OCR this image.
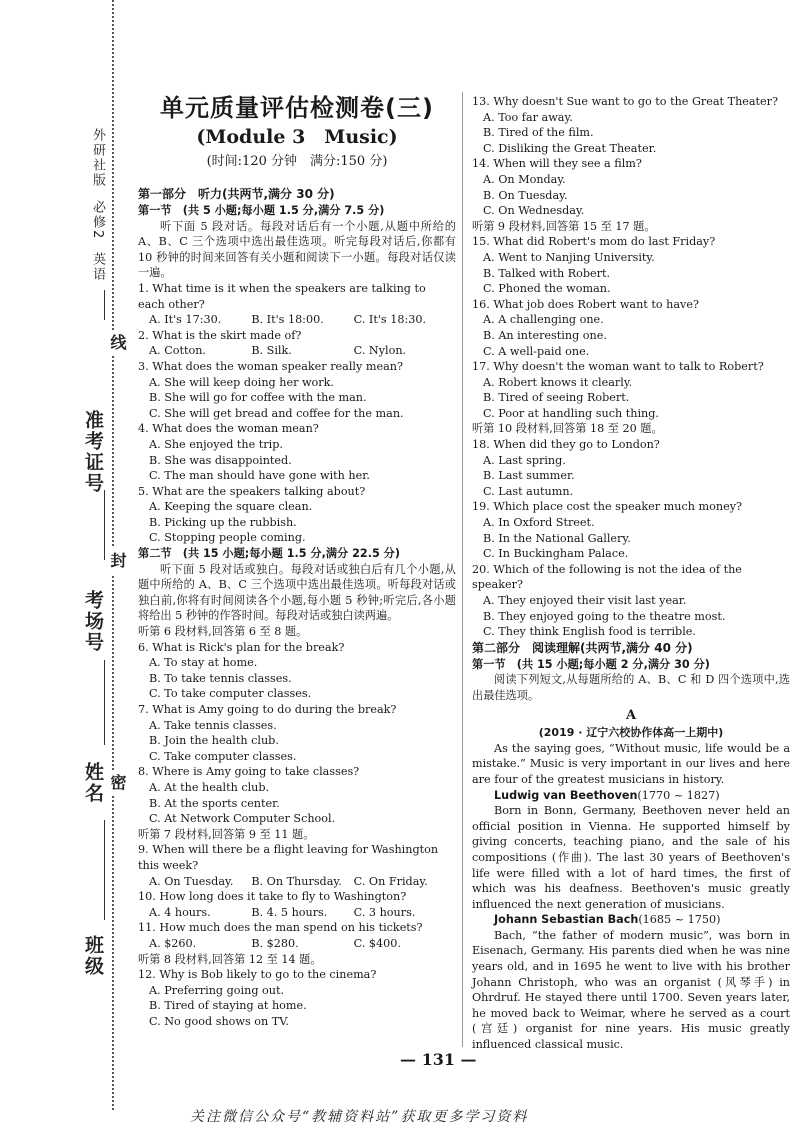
外研社版
必修2
英语
准考证号
考场号
姓名
班级
线
封
密
单元质量评估检测卷(三)
(Module 3　Music)
(时间:120 分钟　满分:150 分)
第一部分　听力(共两节,满分 30 分)
第一节　(共 5 小题;每小题 1.5 分,满分 7.5 分)
听下面 5 段对话。每段对话后有一个小题,从题中所给的 A、B、C 三个选项中选出最佳选项。听完每段对话后,你都有 10 秒钟的时间来回答有关小题和阅读下一小题。每段对话仅读一遍。
1. What time is it when the speakers are talking to each other?
A. It's 17:30.	B. It's 18:00.	C. It's 18:30.
2. What is the skirt made of?
A. Cotton.	B. Silk.	C. Nylon.
3. What does the woman speaker really mean?
A. She will keep doing her work.
B. She will go for coffee with the man.
C. She will get bread and coffee for the man.
4. What does the woman mean?
A. She enjoyed the trip.
B. She was disappointed.
C. The man should have gone with her.
5. What are the speakers talking about?
A. Keeping the square clean.
B. Picking up the rubbish.
C. Stopping people coming.
第二节　(共 15 小题;每小题 1.5 分,满分 22.5 分)
听下面 5 段对话或独白。每段对话或独白后有几个小题,从题中所给的 A、B、C 三个选项中选出最佳选项。听每段对话或独白前,你将有时间阅读各个小题,每小题 5 秒钟;听完后,各小题将给出 5 秒钟的作答时间。每段对话或独白读两遍。
听第 6 段材料,回答第 6 至 8 题。
6. What is Rick's plan for the break?
A. To stay at home.
B. To take tennis classes.
C. To take computer classes.
7. What is Amy going to do during the break?
A. Take tennis classes.
B. Join the health club.
C. Take computer classes.
8. Where is Amy going to take classes?
A. At the health club.
B. At the sports center.
C. At Network Computer School.
听第 7 段材料,回答第 9 至 11 题。
9. When will there be a flight leaving for Washington this week?
A. On Tuesday.	B. On Thursday.	C. On Friday.
10. How long does it take to fly to Washington?
A. 4 hours.	B. 4. 5 hours.	C. 3 hours.
11. How much does the man spend on his tickets?
A. $260.	B. $280.	C. $400.
听第 8 段材料,回答第 12 至 14 题。
12. Why is Bob likely to go to the cinema?
A. Preferring going out.
B. Tired of staying at home.
C. No good shows on TV.
13. Why doesn't Sue want to go to the Great Theater?
A. Too far away.
B. Tired of the film.
C. Disliking the Great Theater.
14. When will they see a film?
A. On Monday.
B. On Tuesday.
C. On Wednesday.
听第 9 段材料,回答第 15 至 17 题。
15. What did Robert's mom do last Friday?
A. Went to Nanjing University.
B. Talked with Robert.
C. Phoned the woman.
16. What job does Robert want to have?
A. A challenging one.
B. An interesting one.
C. A well-paid one.
17. Why doesn't the woman want to talk to Robert?
A. Robert knows it clearly.
B. Tired of seeing Robert.
C. Poor at handling such thing.
听第 10 段材料,回答第 18 至 20 题。
18. When did they go to London?
A. Last spring.
B. Last summer.
C. Last autumn.
19. Which place cost the speaker much money?
A. In Oxford Street.
B. In the National Gallery.
C. In Buckingham Palace.
20. Which of the following is not the idea of the speaker?
A. They enjoyed their visit last year.
B. They enjoyed going to the theatre most.
C. They think English food is terrible.
第二部分　阅读理解(共两节,满分 40 分)
第一节　(共 15 小题;每小题 2 分,满分 30 分)
阅读下列短文,从每题所给的 A、B、C 和 D 四个选项中,选出最佳选项。
A
(2019 · 辽宁六校协作体高一上期中)
As the saying goes, “Without music, life would be a mistake.” Music is very important in our lives and here are four of the greatest musicians in history.
Ludwig van Beethoven(1770 ~ 1827)
Born in Bonn, Germany, Beethoven never held an official position in Vienna. He supported himself by giving concerts, teaching piano, and the sale of his compositions (作曲). The last 30 years of Beethoven's life were filled with a lot of hard times, the first of which was his deafness. Beethoven's music greatly influenced the next generation of musicians.
Johann Sebastian Bach(1685 ~ 1750)
Bach, “the father of modern music”, was born in Eisenach, Germany. His parents died when he was nine years old, and in 1695 he went to live with his brother Johann Christoph, who was an organist (风琴手) in Ohrdruf. He stayed there until 1700. Seven years later, he moved back to Weimar, where he served as a court (宫廷) organist for nine years. His music greatly influenced classical music.
— 131 —
关注微信公众号“教辅资料站”获取更多学习资料
